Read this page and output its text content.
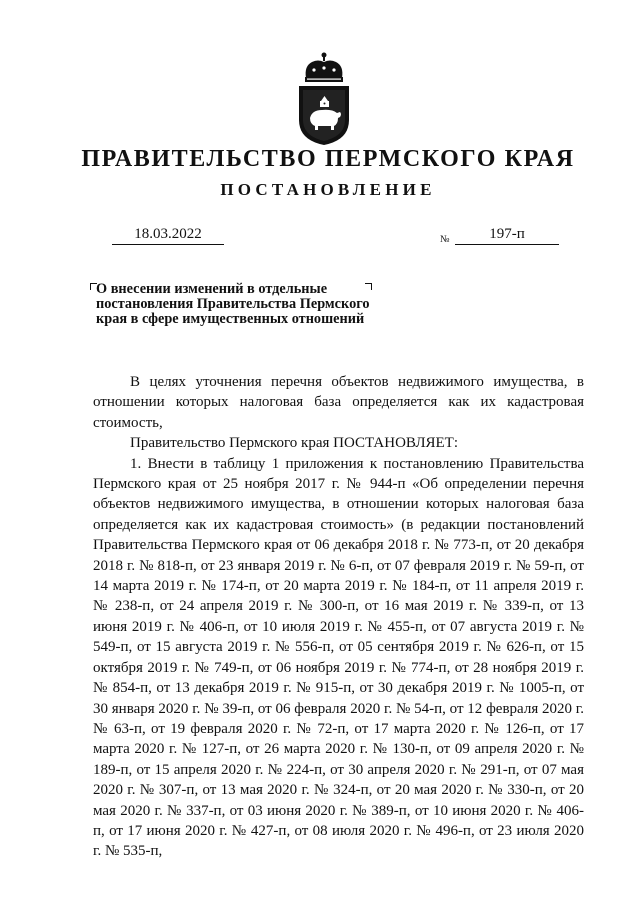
ПРАВИТЕЛЬСТВО ПЕРМСКОГО КРАЯ
ПОСТАНОВЛЕНИЕ
18.03.2022	№	197-п
О внесении изменений в отдельные
постановления Правительства Пермского
края в сфере имущественных отношений

В целях уточнения перечня объектов недвижимого имущества, в отношении которых налоговая база определяется как их кадастровая стоимость,

Правительство Пермского края ПОСТАНОВЛЯЕТ:

1. Внести в таблицу 1 приложения к постановлению Правительства Пермского края от 25 ноября 2017 г. № 944-п «Об определении перечня объектов недвижимого имущества, в отношении которых налоговая база определяется как их кадастровая стоимость» (в редакции постановлений Правительства Пермского края от 06 декабря 2018 г. № 773-п, от 20 декабря 2018 г. № 818-п, от 23 января 2019 г. № 6-п, от 07 февраля 2019 г. № 59-п, от 14 марта 2019 г. № 174-п, от 20 марта 2019 г. № 184-п, от 11 апреля 2019 г. № 238-п, от 24 апреля 2019 г. № 300-п, от 16 мая 2019 г. № 339-п, от 13 июня 2019 г. № 406-п, от 10 июля 2019 г. № 455-п, от 07 августа 2019 г. № 549-п, от 15 августа 2019 г. № 556-п, от 05 сентября 2019 г. № 626-п, от 15 октября 2019 г. № 749-п, от 06 ноября 2019 г. № 774-п, от 28 ноября 2019 г. № 854-п, от 13 декабря 2019 г. № 915-п, от 30 декабря 2019 г. № 1005-п, от 30 января 2020 г. № 39-п, от 06 февраля 2020 г. № 54-п, от 12 февраля 2020 г. № 63-п, от 19 февраля 2020 г. № 72-п, от 17 марта 2020 г. № 126-п, от 17 марта 2020 г. № 127-п, от 26 марта 2020 г. № 130-п, от 09 апреля 2020 г. № 189-п, от 15 апреля 2020 г. № 224-п, от 30 апреля 2020 г. № 291-п, от 07 мая 2020 г. № 307-п, от 13 мая 2020 г. № 324-п, от 20 мая 2020 г. № 330-п, от 20 мая 2020 г. № 337-п, от 03 июня 2020 г. № 389-п, от 10 июня 2020 г. № 406-п, от 17 июня 2020 г. № 427-п, от 08 июля 2020 г. № 496-п, от 23 июля 2020 г. № 535-п,
